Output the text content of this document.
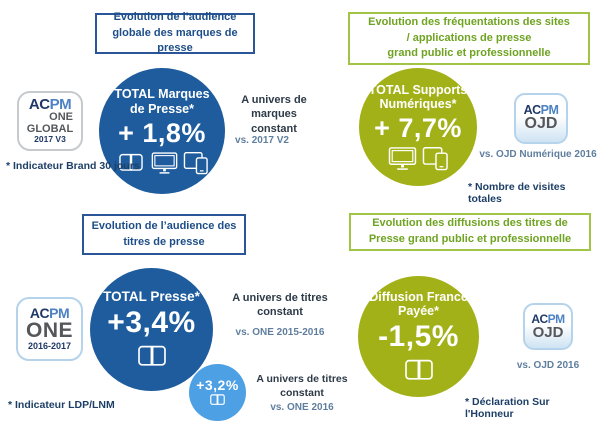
Evolution de l’audience
globale des marques de presse
ACPM
ONE
GLOBAL
2017 V3
TOTAL Marques
de Presse*
+ 1,8%
A univers de marques
constant
vs. 2017 V2
* Indicateur Brand 30 jours
Evolution des fréquentations des sites
/ applications de presse
grand public et professionnelle
TOTAL Supports
Numériques*
+ 7,7%
ACPM
OJD
vs. OJD Numérique 2016
* Nombre de visites totales
Evolution de l’audience des
titres de presse
ACPM
ONE
2016-2017
TOTAL Presse*
+3,4%
A univers de titres
constant
vs. ONE 2015-2016
+3,2%	A univers de titres
constant
vs. ONE 2016
* Indicateur LDP/LNM
Evolution des diffusions des titres de
Presse grand public et professionnelle
Diffusion France
Payée*
-1,5%
ACPM
OJD
vs. OJD 2016
* Déclaration Sur l'Honneur
